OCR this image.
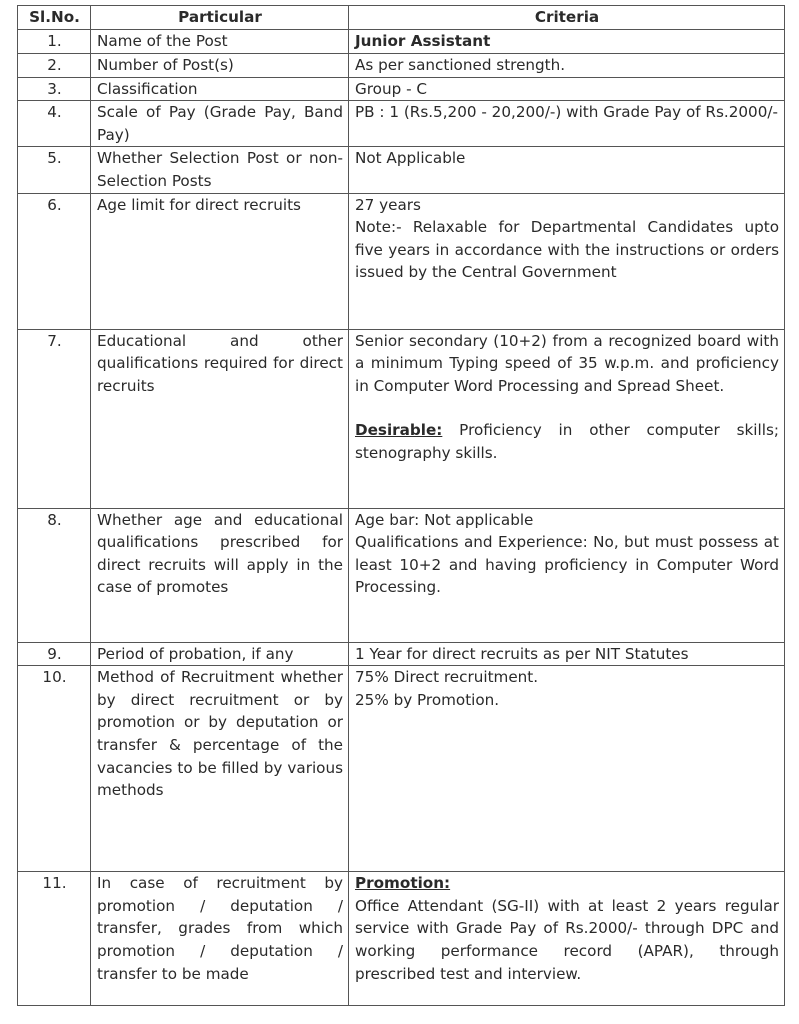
Sl.No.	Particular	Criteria
1.	Name of the Post	Junior Assistant
2.	Number of Post(s)	As per sanctioned strength.
3.	Classification	Group - C
4.	Scale of Pay (Grade Pay, Band Pay)	PB : 1 (Rs.5,200 - 20,200/-) with Grade Pay of Rs.2000/-
5.	Whether Selection Post or non-Selection Posts	Not Applicable
6.	Age limit for direct recruits	27 years
Note:- Relaxable for Departmental Candidates upto five years in accordance with the instructions or orders issued by the Central Government

7.	Educational and other qualifications required for direct recruits	Senior secondary (10+2) from a recognized board with a minimum Typing speed of 35 w.p.m. and proficiency in Computer Word Processing and Spread Sheet.
Desirable: Proficiency in other computer skills; stenography skills.

8.	Whether age and educational qualifications prescribed for direct recruits will apply in the case of promotes	Age bar: Not applicable
Qualifications and Experience: No, but must possess at least 10+2 and having proficiency in Computer Word Processing.

9.	Period of probation, if any	1 Year for direct recruits as per NIT Statutes
10.	Method of Recruitment whether by direct recruitment or by promotion or by deputation or transfer & percentage of the vacancies to be filled by various methods	75% Direct recruitment.
25% by Promotion.

11.	In case of recruitment by promotion / deputation / transfer, grades from which promotion / deputation / transfer to be made	Promotion:
Office Attendant (SG-II) with at least 2 years regular service with Grade Pay of Rs.2000/- through DPC and working performance record (APAR), through prescribed test and interview.
